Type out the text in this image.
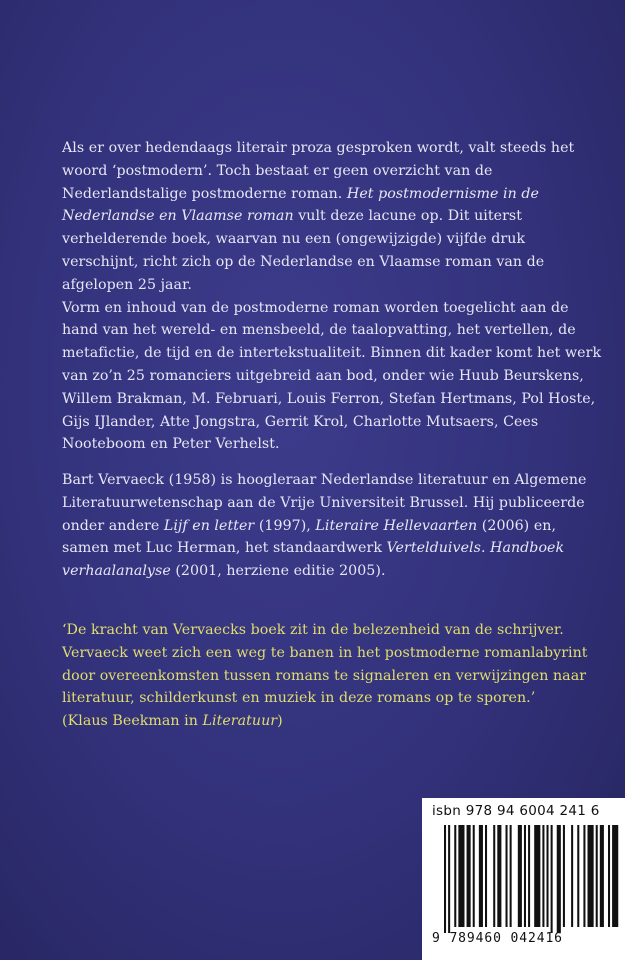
Als er over hedendaags literair proza gesproken wordt, valt steeds het woord ‘postmodern’. Toch bestaat er geen overzicht van de Nederlandstalige postmoderne roman. Het postmodernisme in de Nederlandse en Vlaamse roman vult deze lacune op. Dit uiterst verhelderende boek, waarvan nu een (ongewijzigde) vijfde druk verschijnt, richt zich op de Nederlandse en Vlaamse roman van de afgelopen 25 jaar.
Vorm en inhoud van de postmoderne roman worden toegelicht aan de hand van het wereld- en mensbeeld, de taalopvatting, het vertellen, de metafictie, de tijd en de intertekstualiteit. Binnen dit kader komt het werk van zo’n 25 romanciers uitgebreid aan bod, onder wie Huub Beurskens, Willem Brakman, M. Februari, Louis Ferron, Stefan Hertmans, Pol Hoste, Gijs IJlander, Atte Jongstra, Gerrit Krol, Charlotte Mutsaers, Cees Nooteboom en Peter Verhelst.

Bart Vervaeck (1958) is hoogleraar Nederlandse literatuur en Algemene Literatuurwetenschap aan de Vrije Universiteit Brussel. Hij publiceerde onder andere Lijf en letter (1997), Literaire Hellevaarten (2006) en, samen met Luc Herman, het standaardwerk Vertelduivels. Handboek verhaalanalyse (2001, herziene editie 2005).

‘De kracht van Vervaecks boek zit in de belezenheid van de schrijver. Vervaeck weet zich een weg te banen in het postmoderne romanlabyrint door overeenkomsten tussen romans te signaleren en verwijzingen naar literatuur, schilderkunst en muziek in deze romans op te sporen.’
(Klaus Beekman in Literatuur)

isbn 978 94 6004 241 6
9 789460 042416
